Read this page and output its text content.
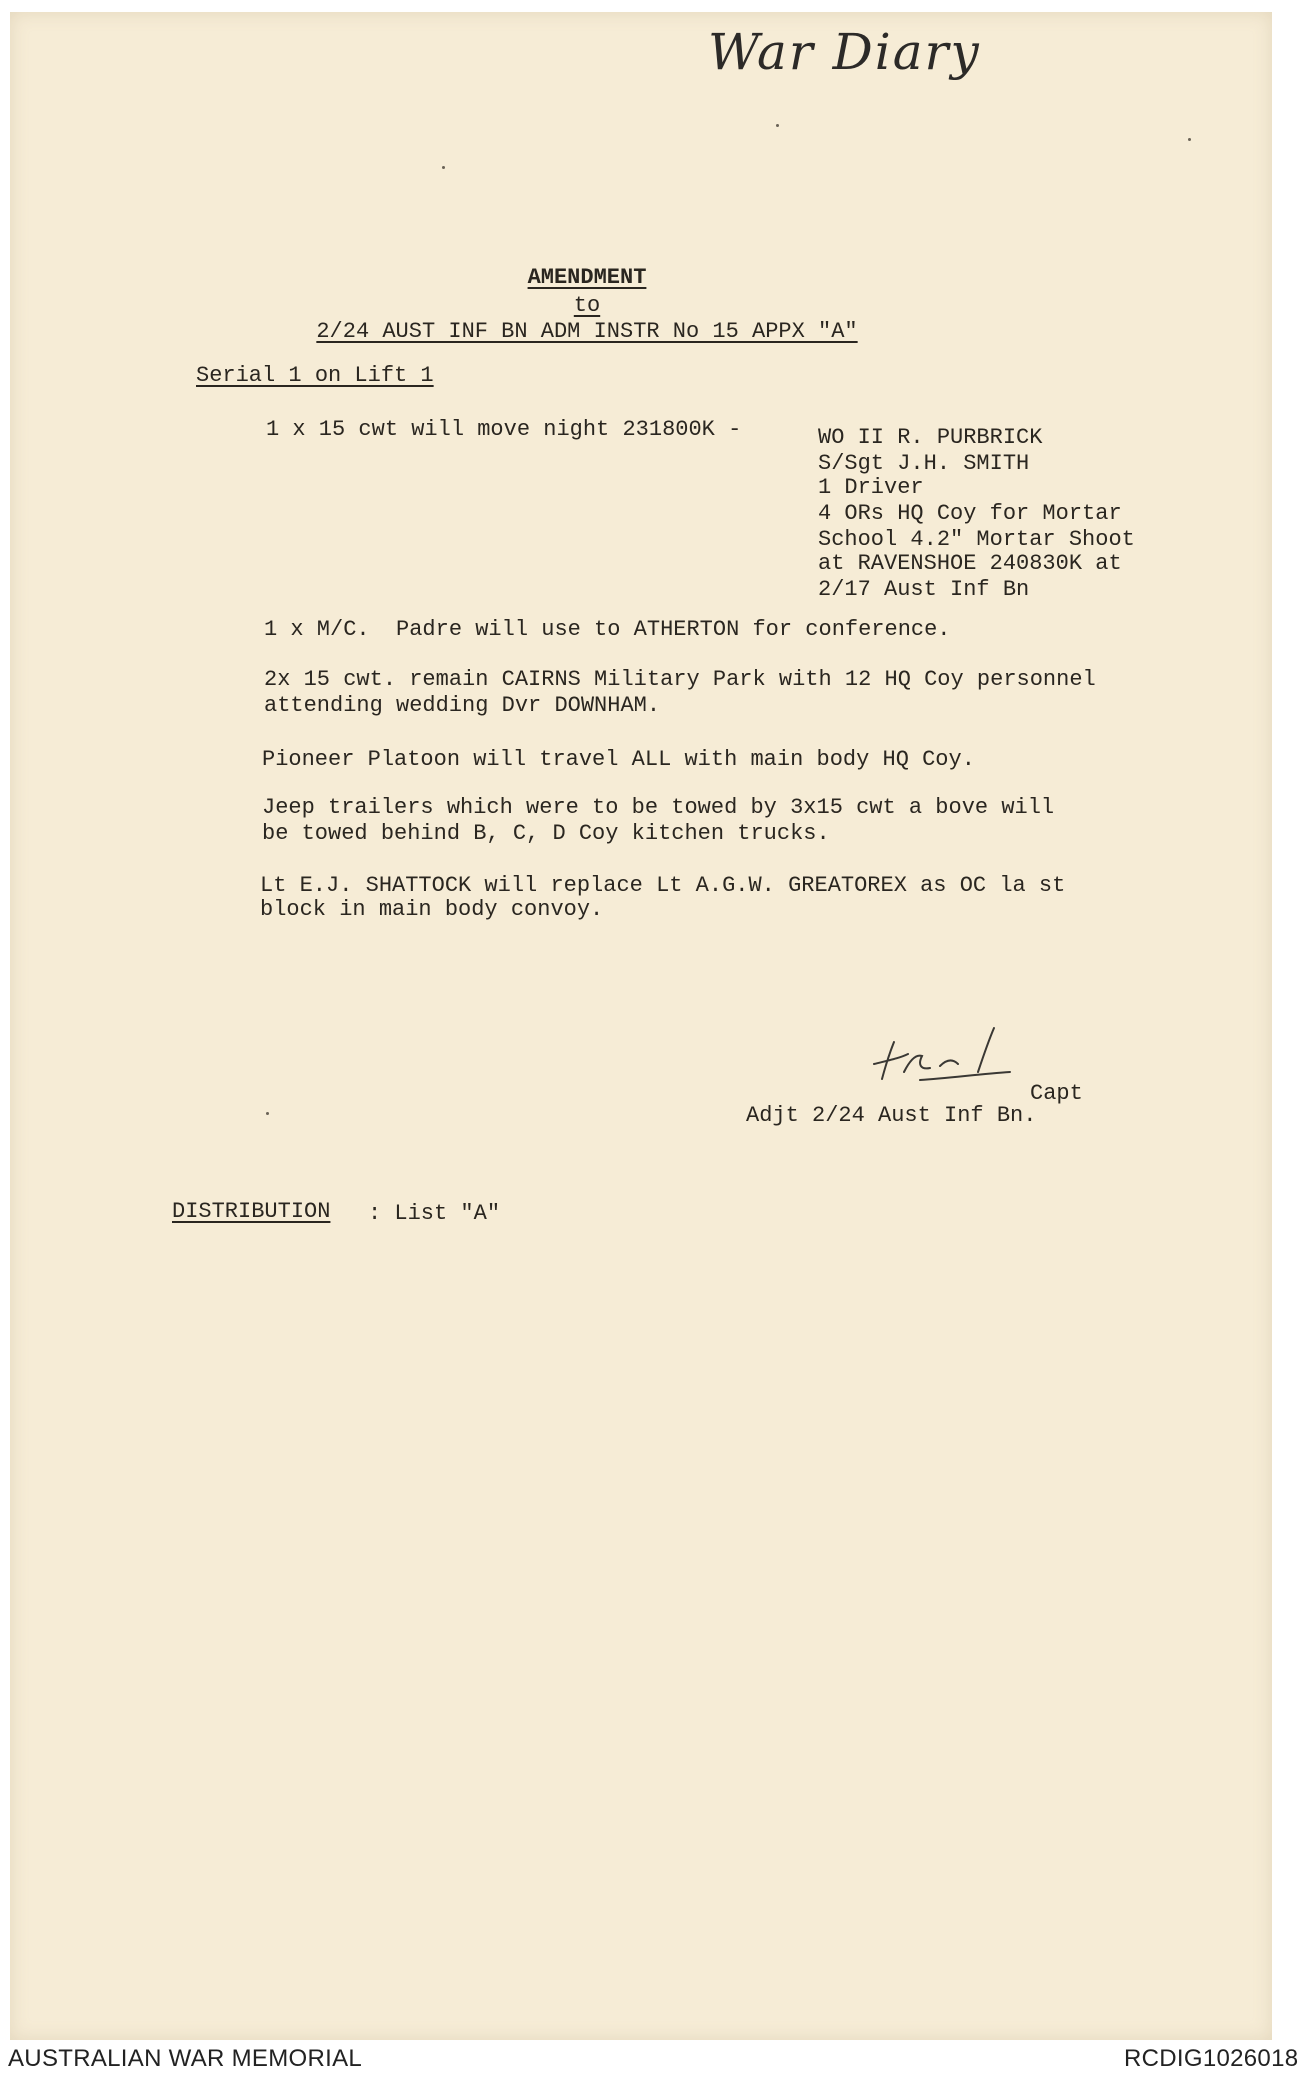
War Diary
AMENDMENT
to
2/24 AUST INF BN ADM INSTR No 15 APPX "A"
Serial 1 on Lift 1
1 x 15 cwt will move night 231800K -	WO II R. PURBRICK
S/Sgt J.H. SMITH
1 Driver
4 ORs HQ Coy for Mortar
School 4.2" Mortar Shoot
at RAVENSHOE 240830K at
2/17 Aust Inf Bn
1 x M/C.  Padre will use to ATHERTON for conference.
2x 15 cwt. remain CAIRNS Military Park with 12 HQ Coy personnel
attending wedding Dvr DOWNHAM.
Pioneer Platoon will travel ALL with main body HQ Coy.
Jeep trailers which were to be towed by 3x15 cwt a bove will
be towed behind B, C, D Coy kitchen trucks.
Lt E.J. SHATTOCK will replace Lt A.G.W. GREATOREX as OC la st
block in main body convoy.
Capt
Adjt 2/24 Aust Inf Bn.
DISTRIBUTION : List "A"
AUSTRALIAN WAR MEMORIAL	RCDIG1026018
